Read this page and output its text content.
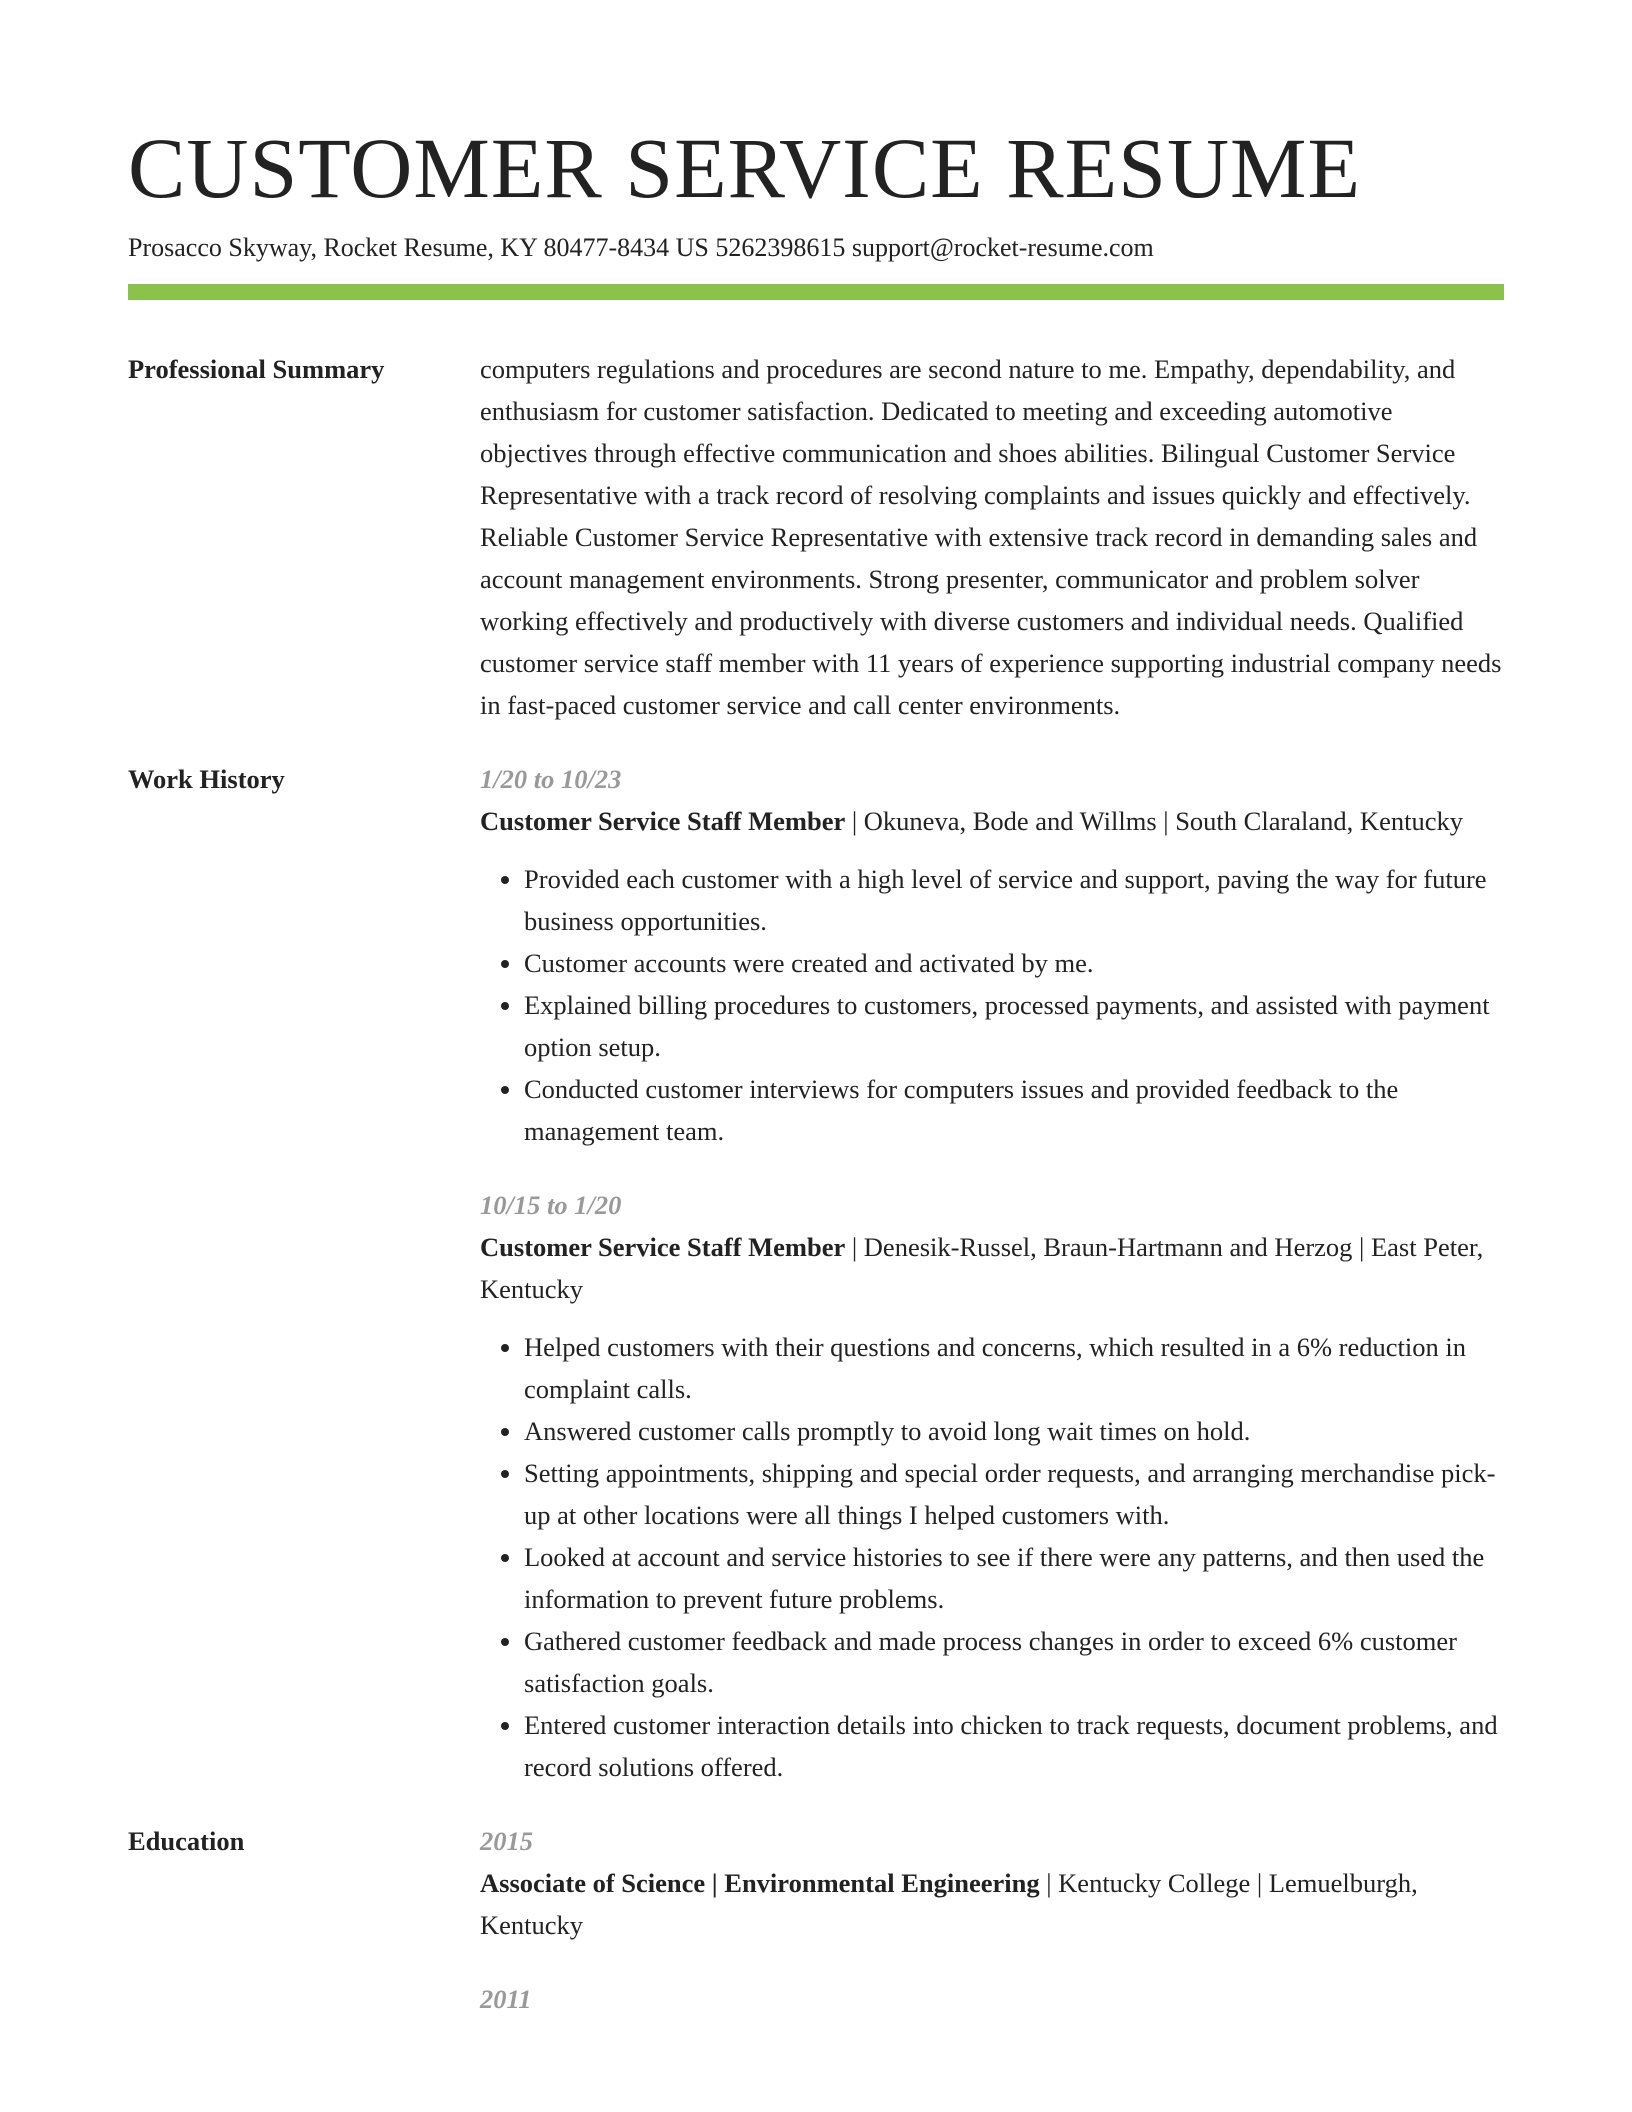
CUSTOMER SERVICE RESUME
Prosacco Skyway, Rocket Resume, KY 80477-8434 US 5262398615 support@rocket-resume.com
Professional Summary	computers regulations and procedures are second nature to me. Empathy, dependability, and enthusiasm for customer satisfaction. Dedicated to meeting and exceeding automotive objectives through effective communication and shoes abilities. Bilingual Customer Service Representative with a track record of resolving complaints and issues quickly and effectively. Reliable Customer Service Representative with extensive track record in demanding sales and account management environments. Strong presenter, communicator and problem solver working effectively and productively with diverse customers and individual needs. Qualified customer service staff member with 11 years of experience supporting industrial company needs in fast-paced customer service and call center environments.
Work History	1/20 to 10/23
Customer Service Staff Member | Okuneva, Bode and Willms | South Claraland, Kentucky
• Provided each customer with a high level of service and support, paving the way for future business opportunities.
• Customer accounts were created and activated by me.
• Explained billing procedures to customers, processed payments, and assisted with payment option setup.
• Conducted customer interviews for computers issues and provided feedback to the management team.
10/15 to 1/20
Customer Service Staff Member | Denesik-Russel, Braun-Hartmann and Herzog | East Peter, Kentucky
• Helped customers with their questions and concerns, which resulted in a 6% reduction in complaint calls.
• Answered customer calls promptly to avoid long wait times on hold.
• Setting appointments, shipping and special order requests, and arranging merchandise pick-up at other locations were all things I helped customers with.
• Looked at account and service histories to see if there were any patterns, and then used the information to prevent future problems.
• Gathered customer feedback and made process changes in order to exceed 6% customer satisfaction goals.
• Entered customer interaction details into chicken to track requests, document problems, and record solutions offered.
Education	2015
Associate of Science | Environmental Engineering | Kentucky College | Lemuelburgh, Kentucky
2011
